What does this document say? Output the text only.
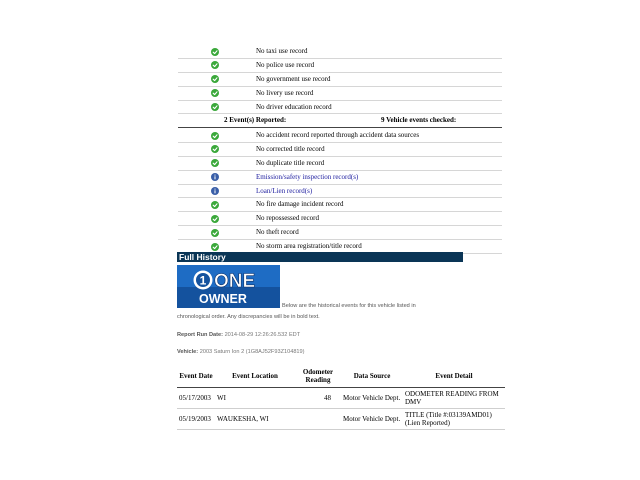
No taxi use record
No police use record
No government use record
No livery use record
No driver education record
2 Event(s) Reported:	9 Vehicle events checked:
No accident record reported through accident data sources
No corrected title record
No duplicate title record
Emission/safety inspection record(s)
Loan/Lien record(s)
No fire damage incident record
No repossessed record
No theft record
No storm area registration/title record
Full History
1 ONE
OWNER	Below are the historical events for this vehicle listed in
chronological order. Any discrepancies will be in bold text.
Report Run Date: 2014-08-29 12:26:26.532 EDT
Vehicle: 2003 Saturn Ion 2 (1G8AJ52F93Z104819)
Event Date	Event Location	Odometer Reading	Data Source	Event Detail
05/17/2003	WI	48	Motor Vehicle Dept.	ODOMETER READING FROM DMV
05/19/2003	WAUKESHA, WI		Motor Vehicle Dept.	TITLE (Title #:03139AMD01) (Lien Reported)
